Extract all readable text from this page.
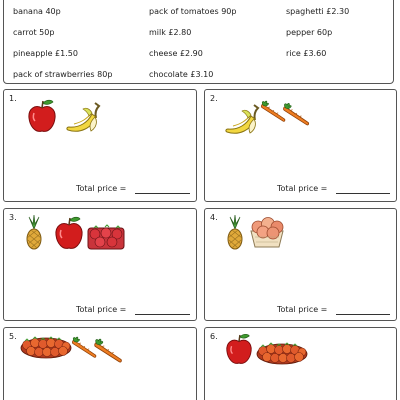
banana 40p	pack of tomatoes 90p	spaghetti £2.30
carrot 50p	milk £2.80	pepper 60p
pineapple £1.50	cheese £2.90	rice £3.60
pack of strawberries 80p	chocolate £3.10
1.
Total price =
2.
Total price =
3.
Total price =
4.
Total price =
5.	6.
